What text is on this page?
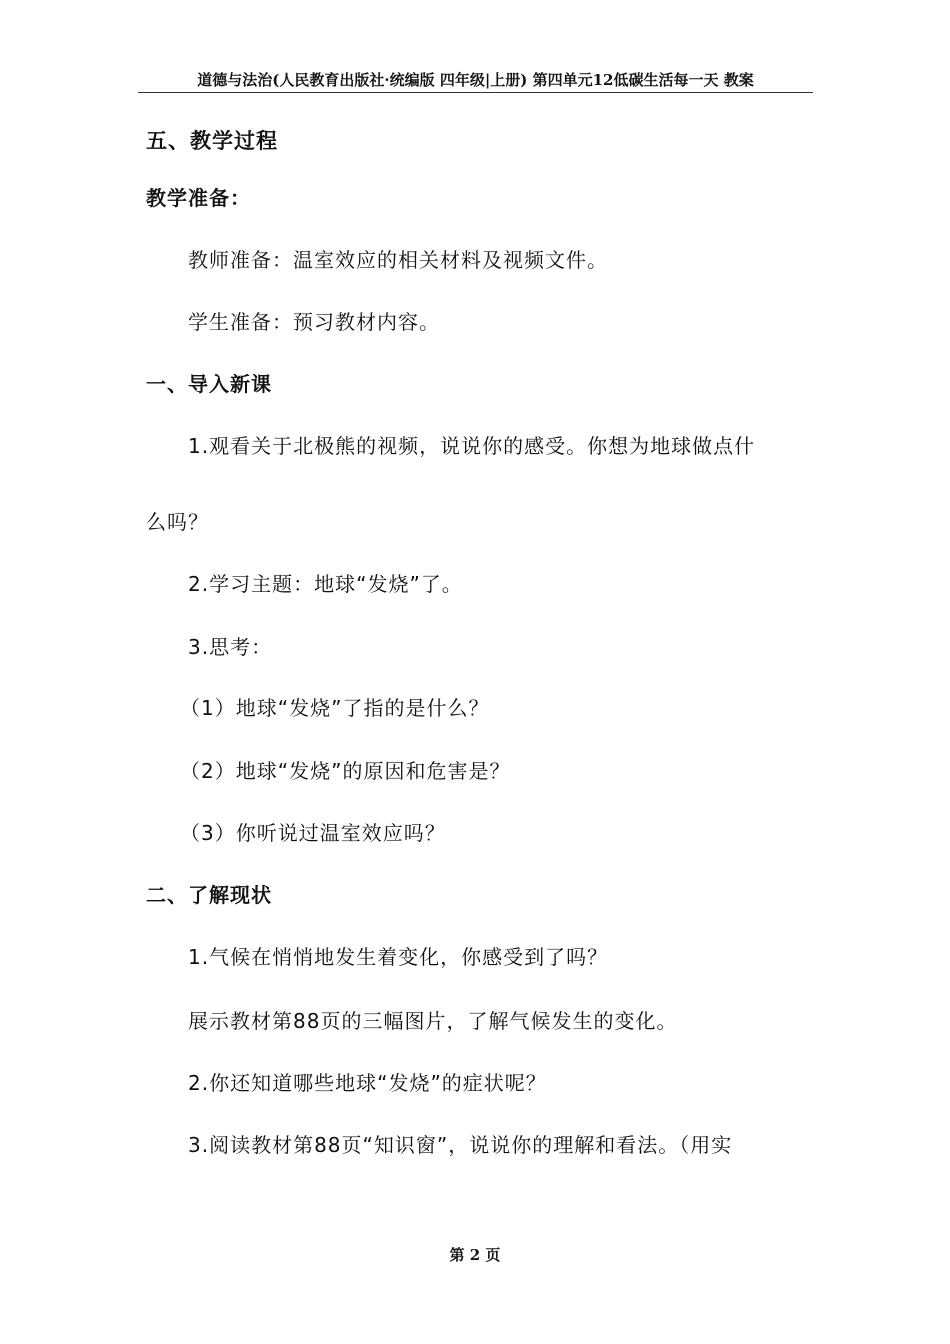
道德与法治(人民教育出版社·统编版 四年级|上册) 第四单元12低碳生活每一天 教案
五、教学过程
教学准备：
教师准备：温室效应的相关材料及视频文件。
学生准备：预习教材内容。
一、导入新课
1.观看关于北极熊的视频，说说你的感受。你想为地球做点什
么吗？
2.学习主题：地球“发烧”了。
3.思考：
（1）地球“发烧”了指的是什么？
（2）地球“发烧”的原因和危害是？
（3）你听说过温室效应吗？
二、了解现状
1.气候在悄悄地发生着变化，你感受到了吗？
展示教材第88页的三幅图片，了解气候发生的变化。
2.你还知道哪些地球“发烧”的症状呢？
3.阅读教材第88页“知识窗”，说说你的理解和看法。（用实
第 2 页
